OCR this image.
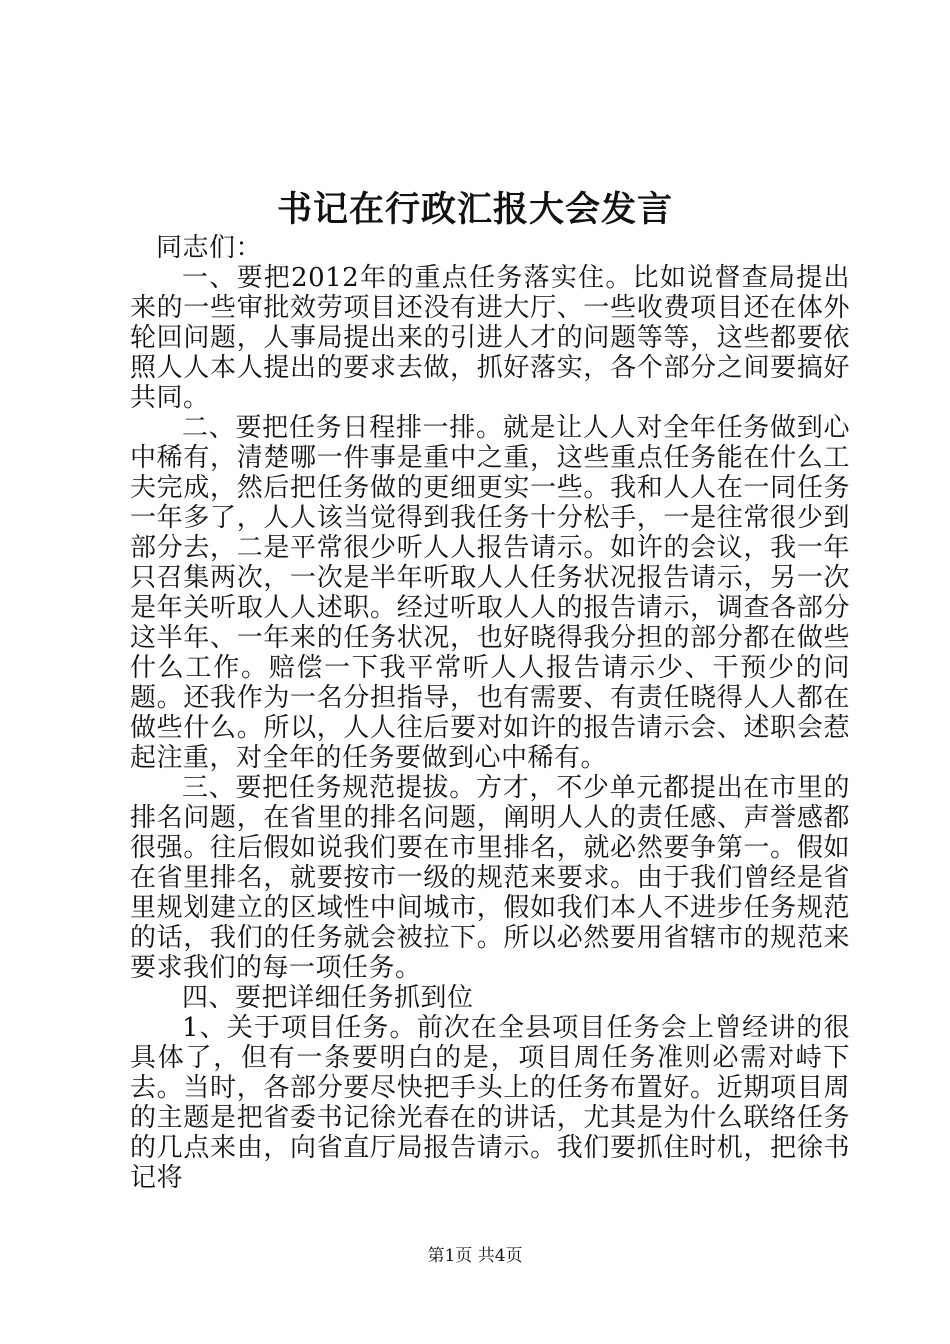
书记在行政汇报大会发言

同志们：

一、要把2012年的重点任务落实住。比如说督查局提出来的一些审批效劳项目还没有进大厅、一些收费项目还在体外轮回问题，人事局提出来的引进人才的问题等等，这些都要依照人人本人提出的要求去做，抓好落实，各个部分之间要搞好共同。

二、要把任务日程排一排。就是让人人对全年任务做到心中稀有，清楚哪一件事是重中之重，这些重点任务能在什么工夫完成，然后把任务做的更细更实一些。我和人人在一同任务一年多了，人人该当觉得到我任务十分松手，一是往常很少到部分去，二是平常很少听人人报告请示。如许的会议，我一年只召集两次，一次是半年听取人人任务状况报告请示，另一次是年关听取人人述职。经过听取人人的报告请示，调查各部分这半年、一年来的任务状况，也好晓得我分担的部分都在做些什么工作。赔偿一下我平常听人人报告请示少、干预少的问题。还我作为一名分担指导，也有需要、有责任晓得人人都在做些什么。所以，人人往后要对如许的报告请示会、述职会惹起注重，对全年的任务要做到心中稀有。

三、要把任务规范提拔。方才，不少单元都提出在市里的排名问题，在省里的排名问题，阐明人人的责任感、声誉感都很强。往后假如说我们要在市里排名，就必然要争第一。假如在省里排名，就要按市一级的规范来要求。由于我们曾经是省里规划建立的区域性中间城市，假如我们本人不进步任务规范的话，我们的任务就会被拉下。所以必然要用省辖市的规范来要求我们的每一项任务。

四、要把详细任务抓到位

1、关于项目任务。前次在全县项目任务会上曾经讲的很具体了，但有一条要明白的是，项目周任务准则必需对峙下去。当时，各部分要尽快把手头上的任务布置好。近期项目周的主题是把省委书记徐光春在的讲话，尤其是为什么联络任务的几点来由，向省直厅局报告请示。我们要抓住时机，把徐书记将

第1页 共4页
